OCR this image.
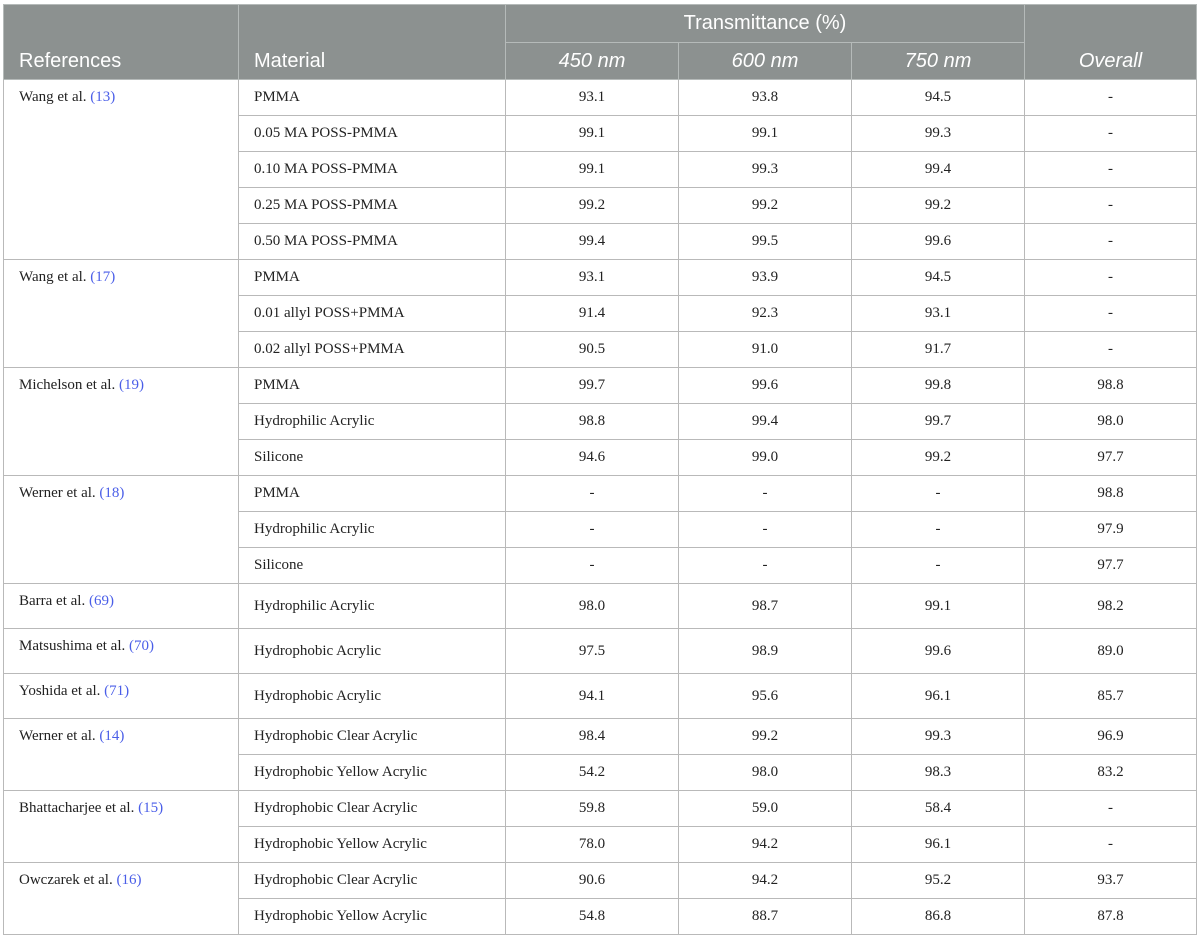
References	Material	Transmittance (%)			Overall
		450 nm	600 nm	750 nm	
Wang et al. (13)	PMMA	93.1	93.8	94.5	-
	0.05 MA POSS-PMMA	99.1	99.1	99.3	-
	0.10 MA POSS-PMMA	99.1	99.3	99.4	-
	0.25 MA POSS-PMMA	99.2	99.2	99.2	-
	0.50 MA POSS-PMMA	99.4	99.5	99.6	-
Wang et al. (17)	PMMA	93.1	93.9	94.5	-
	0.01 allyl POSS+PMMA	91.4	92.3	93.1	-
	0.02 allyl POSS+PMMA	90.5	91.0	91.7	-
Michelson et al. (19)	PMMA	99.7	99.6	99.8	98.8
	Hydrophilic Acrylic	98.8	99.4	99.7	98.0
	Silicone	94.6	99.0	99.2	97.7
Werner et al. (18)	PMMA	-	-	-	98.8
	Hydrophilic Acrylic	-	-	-	97.9
	Silicone	-	-	-	97.7
Barra et al. (69)	Hydrophilic Acrylic	98.0	98.7	99.1	98.2
Matsushima et al. (70)	Hydrophobic Acrylic	97.5	98.9	99.6	89.0
Yoshida et al. (71)	Hydrophobic Acrylic	94.1	95.6	96.1	85.7
Werner et al. (14)	Hydrophobic Clear Acrylic	98.4	99.2	99.3	96.9
	Hydrophobic Yellow Acrylic	54.2	98.0	98.3	83.2
Bhattacharjee et al. (15)	Hydrophobic Clear Acrylic	59.8	59.0	58.4	-
	Hydrophobic Yellow Acrylic	78.0	94.2	96.1	-
Owczarek et al. (16)	Hydrophobic Clear Acrylic	90.6	94.2	95.2	93.7
	Hydrophobic Yellow Acrylic	54.8	88.7	86.8	87.8
